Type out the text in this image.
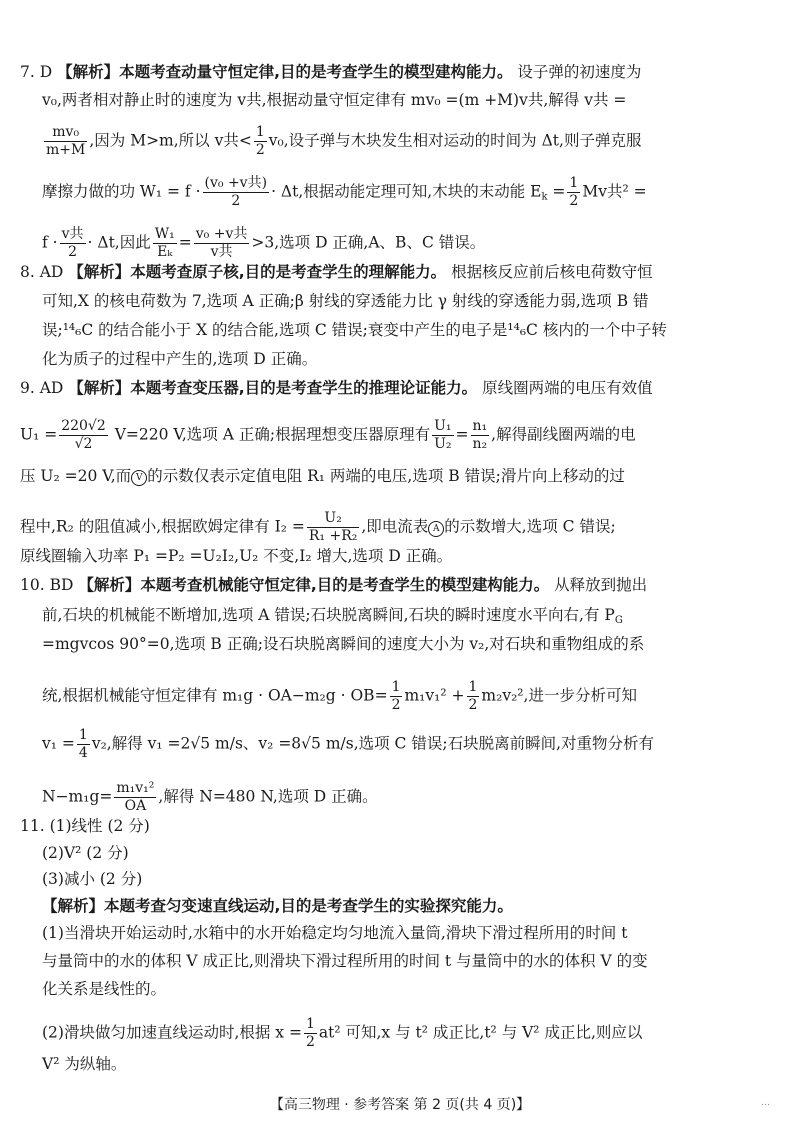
7. D 【解析】本题考查动量守恒定律,目的是考查学生的模型建构能力。 设子弹的初速度为
v₀,两者相对静止时的速度为 v共,根据动量守恒定律有 mv₀ =(m +M)v共,解得 v共 =
$\frac{\text{mv₀}}{m+M}$ ,因为 M>m,所以 v共< $\frac{1}{2} v_0$,设子弹与木块发生相对运动的时间为 Δt,则子弹克服
摩擦力做的功 $W_1 = f \cdot \frac{\text{(v₀ +v共)}}{2} \cdot \Delta t$,根据动能定理可知,木块的末动能 $E_k = \frac{1}{2}$ Mv共² =
$f \cdot \frac{\text{v共}}{2} \cdot \Delta t$,因此 $\frac{\text{W₁}}{\text{Eₖ}} = \frac{\text{v₀ +v共}}{\text{v共}} >3$,选项 D 正确,A、B、C 错误。
8. AD 【解析】本题考查原子核,目的是考查学生的理解能力。 根据核反应前后核电荷数守恒
可知,X 的核电荷数为 7,选项 A 正确;β 射线的穿透能力比 γ 射线的穿透能力弱,选项 B 错
误;¹⁴₆C 的结合能小于 X 的结合能,选项 C 错误;衰变中产生的电子是¹⁴₆C 核内的一个中子转
化为质子的过程中产生的,选项 D 正确。
9. AD 【解析】本题考查变压器,目的是考查学生的推理论证能力。 原线圈两端的电压有效值
$U_1 = \frac{220√2}{√2} V=220$ V,选项 A 正确;根据理想变压器原理有 $\frac{\text{U₁}}{\text{U₂}} = \frac{\text{n₁}}{\text{n₂}}$ ,解得副线圈两端的电
压 U₂ =20 V,而 V 的示数仅表示定值电阻 R₁ 两端的电压,选项 B 错误;滑片向上移动的过
程中,R₂ 的阻值减小,根据欧姆定律有 $I_2 = \frac{\text{U₂}}{\text{R₁ +R₂}}$ ,即电流表 A 的示数增大,选项 C 错误;
原线圈输入功率 P₁ =P₂ =U₂I₂,U₂ 不变,I₂ 增大,选项 D 正确。
10. BD 【解析】本题考查机械能守恒定律,目的是考查学生的模型建构能力。 从释放到抛出
前,石块的机械能不断增加,选项 A 错误;石块脱离瞬间,石块的瞬时速度水平向右,有 $P_G$
=mgvcos 90°=0,选项 B 正确;设石块脱离瞬间的速度大小为 v₂,对石块和重物组成的系
统,根据机械能守恒定律有 $m_1g \cdot OA-m_2g \cdot OB= \frac{1}{2} m_1v_1^2 + \frac{1}{2} m_2v_2^2$,进一步分析可知
$v_1 = \frac{1}{4} v_2$,解得 v₁ =2√5 m/s、v₂ =8√5 m/s,选项 C 错误;石块脱离前瞬间,对重物分析有
$N-m_1g= \frac{\text{m₁v₁²}}{OA}$ ,解得 N=480 N,选项 D 正确。
11. (1)线性 (2 分)
(2)V² (2 分)
(3)减小 (2 分)
【解析】本题考查匀变速直线运动,目的是考查学生的实验探究能力。
(1)当滑块开始运动时,水箱中的水开始稳定均匀地流入量筒,滑块下滑过程所用的时间 t
与量筒中的水的体积 V 成正比,则滑块下滑过程所用的时间 t 与量筒中的水的体积 V 的变
化关系是线性的。
(2)滑块做匀加速直线运动时,根据 $x = \frac{1}{2} at^2$ 可知,x 与 t² 成正比,t² 与 V² 成正比,则应以
V² 为纵轴。
【高三物理 · 参考答案 第 2 页(共 4 页)】	…
